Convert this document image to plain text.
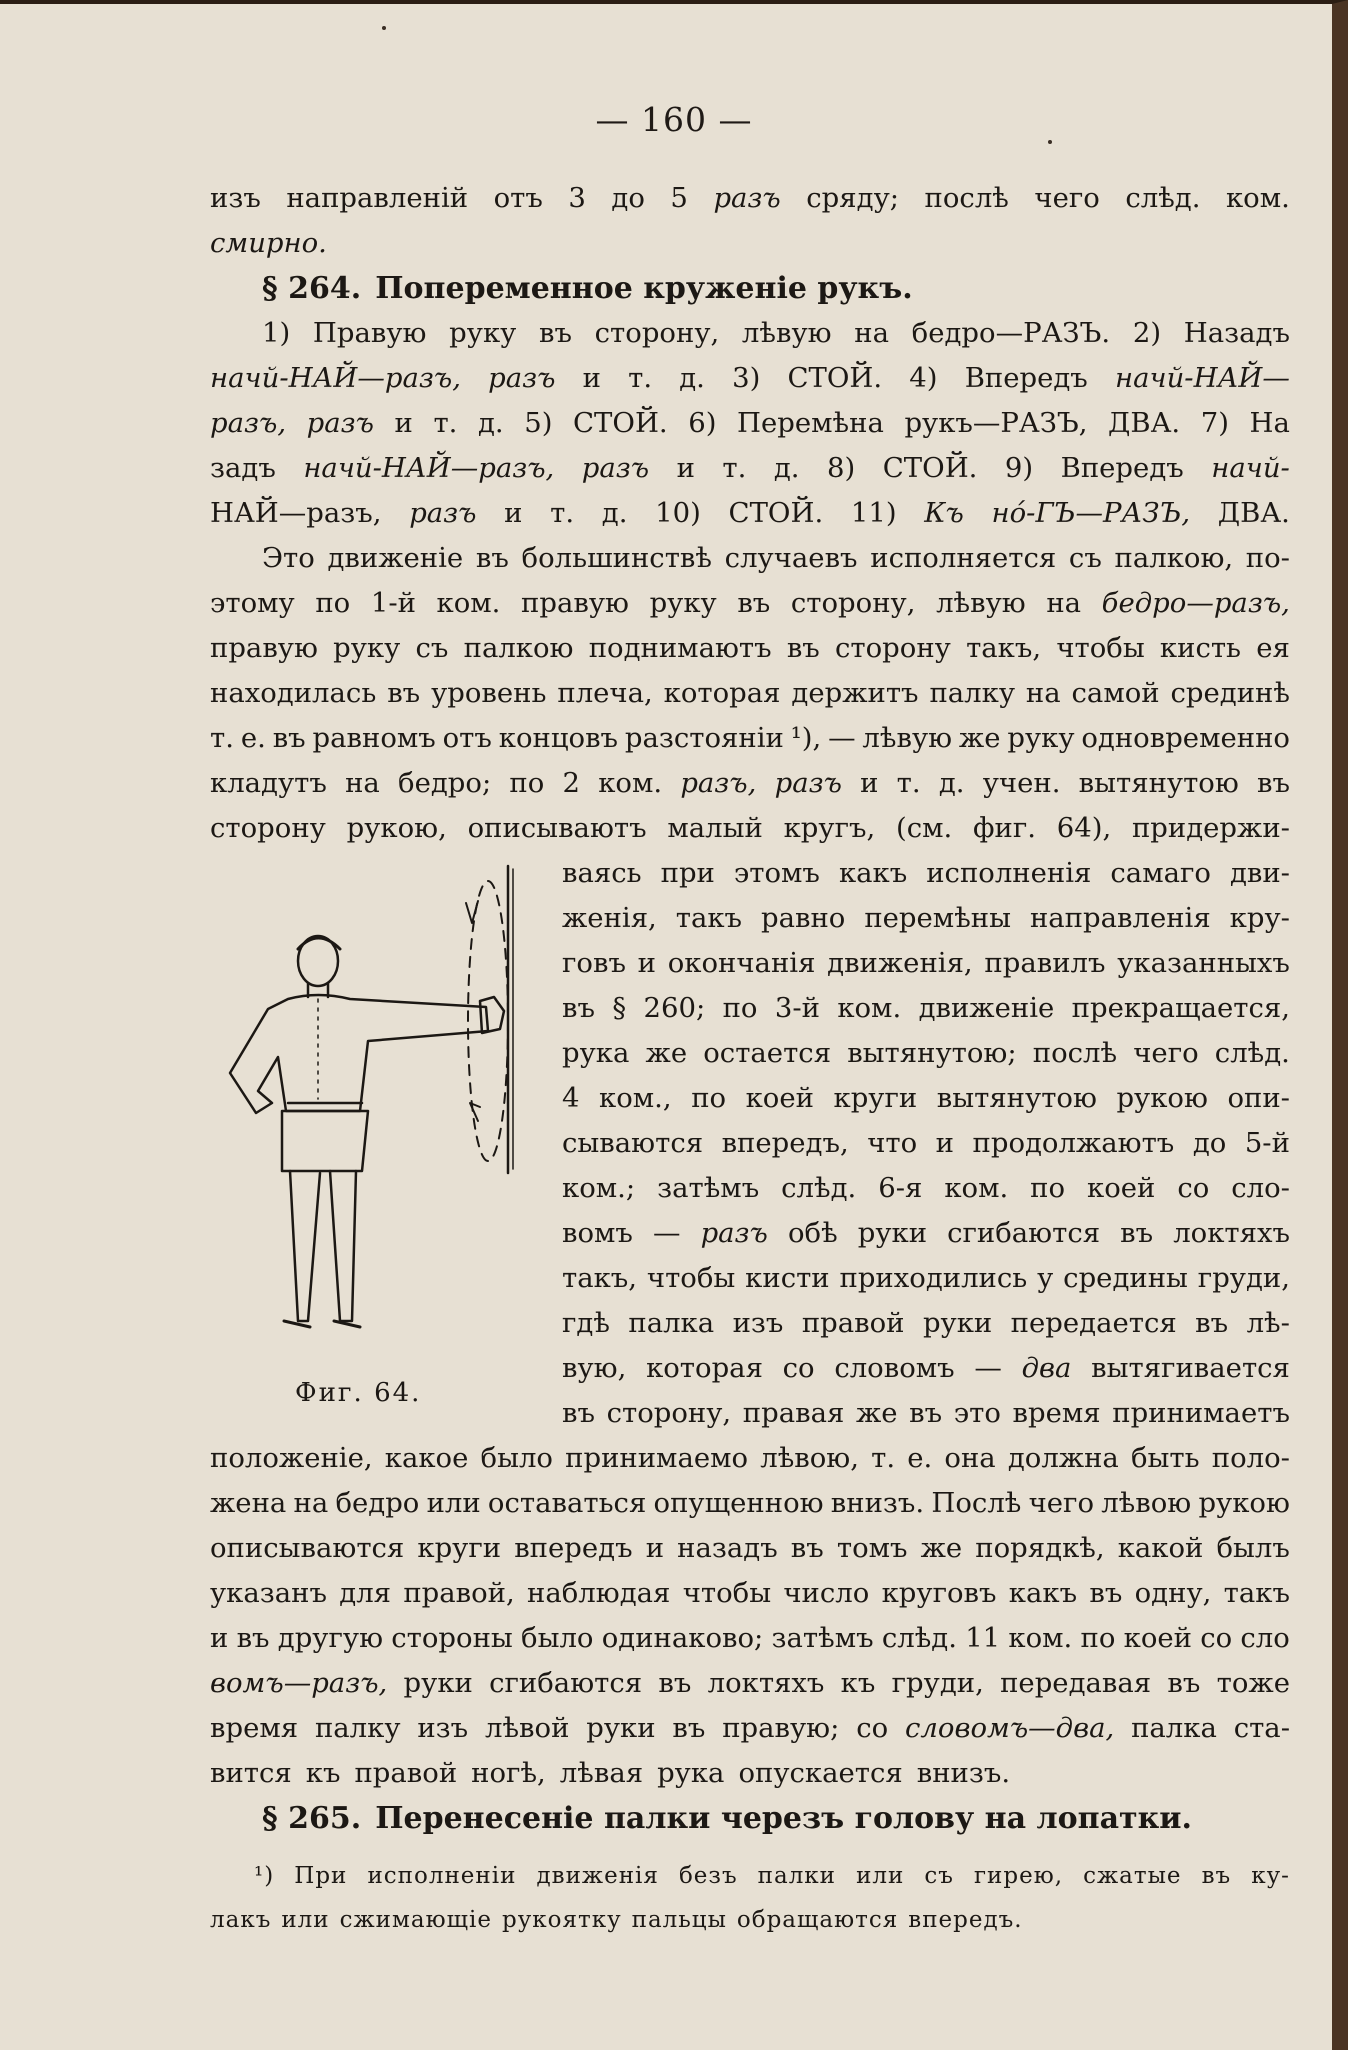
— 160 —
изъ направленій отъ 3 до 5 разъ сряду; послѣ чего слѣд. ком.
смирно.
§ 264. Попеременное круженіе рукъ.
1) Правую руку въ сторону, лѣвую на бедро—РАЗЪ. 2) Назадъ
начй-НАЙ—разъ, разъ и т. д. 3) СТОЙ. 4) Впередъ начй-НАЙ—
разъ, разъ и т. д. 5) СТОЙ. 6) Перемѣна рукъ—РАЗЪ, ДВА. 7) На
задъ начй-НАЙ—разъ, разъ и т. д. 8) СТОЙ. 9) Впередъ начй-
НАЙ—разъ, разъ и т. д. 10) СТОЙ. 11) Къ нó-ГЪ—РАЗЪ, ДВА.
Это движеніе въ большинствѣ случаевъ исполняется съ палкою, по-
этому по 1-й ком. правую руку въ сторону, лѣвую на бедро—разъ,
правую руку съ палкою поднимаютъ въ сторону такъ, чтобы кисть ея
находилась въ уровень плеча, которая держитъ палку на самой срединѣ
т. е. въ равномъ отъ концовъ разстояніи ¹), — лѣвую же руку одновременно
кладутъ на бедро; по 2 ком. разъ, разъ и т. д. учен. вытянутою въ
сторону рукою, описываютъ малый кругъ, (см. фиг. 64), придержи-
Фиг. 64.
ваясь при этомъ какъ исполненія самаго дви-
женія, такъ равно перемѣны направленія кру-
говъ и окончанія движенія, правилъ указанныхъ
въ § 260; по 3-й ком. движеніе прекращается,
рука же остается вытянутою; послѣ чего слѣд.
4 ком., по коей круги вытянутою рукою опи-
сываются впередъ, что и продолжаютъ до 5-й
ком.; затѣмъ слѣд. 6-я ком. по коей со сло-
вомъ — разъ обѣ руки сгибаются въ локтяхъ
такъ, чтобы кисти приходились у средины груди,
гдѣ палка изъ правой руки передается въ лѣ-
вую, которая со словомъ — два вытягивается
въ сторону, правая же въ это время принимаетъ
положеніе, какое было принимаемо лѣвою, т. е. она должна быть поло-
жена на бедро или оставаться опущенною внизъ. Послѣ чего лѣвою рукою
описываются круги впередъ и назадъ въ томъ же порядкѣ, какой былъ
указанъ для правой, наблюдая чтобы число круговъ какъ въ одну, такъ
и въ другую стороны было одинаково; затѣмъ слѣд. 11 ком. по коей со сло
вомъ—разъ, руки сгибаются въ локтяхъ къ груди, передавая въ тоже
время палку изъ лѣвой руки въ правую; со словомъ—два, палка ста-
вится къ правой ногѣ, лѣвая рука опускается внизъ.
§ 265. Перенесеніе палки черезъ голову на лопатки.
¹) При исполненіи движенія безъ палки или съ гирею, сжатые въ ку-
лакъ или сжимающіе рукоятку пальцы обращаются впередъ.
